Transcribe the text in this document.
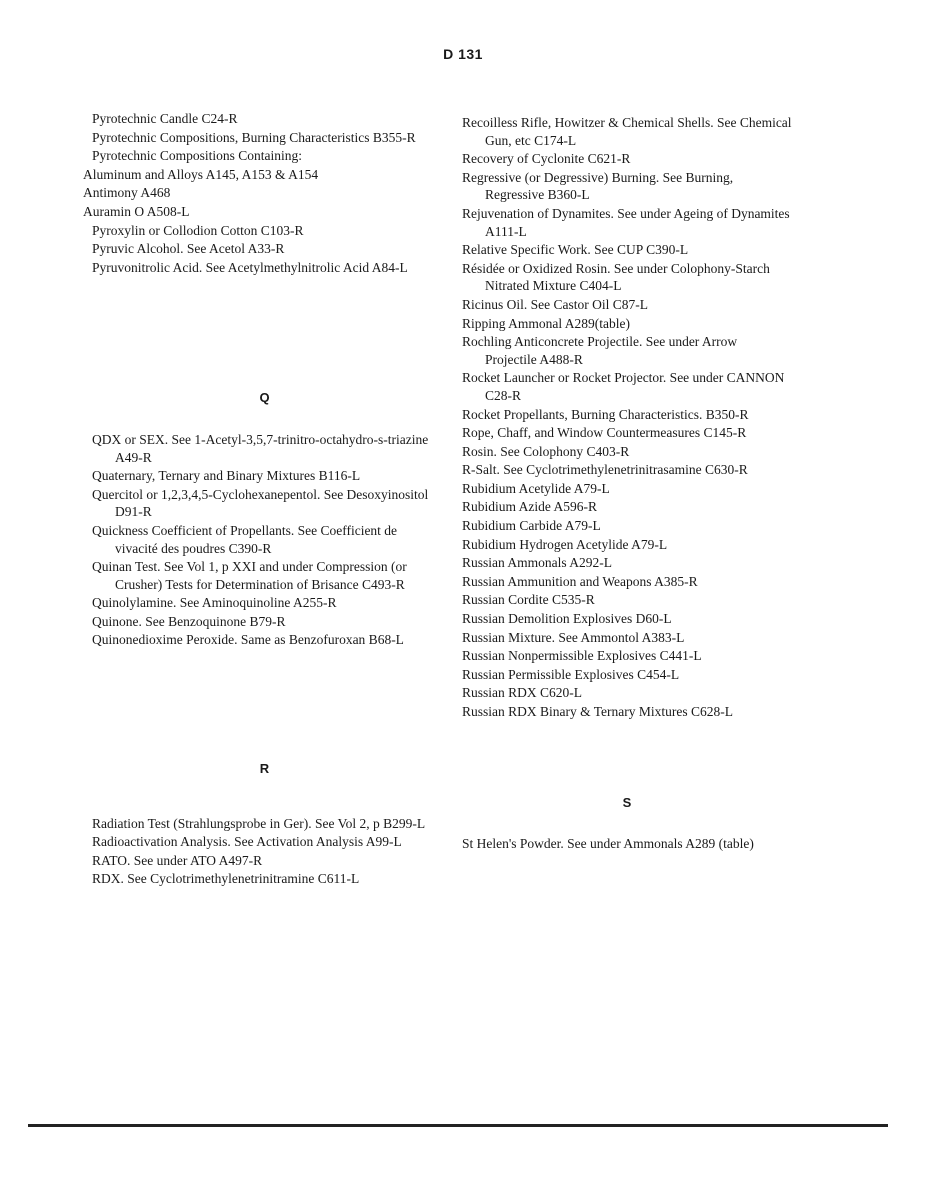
D 131

Pyrotechnic Candle C24-R

Pyrotechnic Compositions, Burning Characteristics B355-R

Pyrotechnic Compositions Containing:

Aluminum and Alloys A145, A153 & A154

Antimony A468

Auramin O A508-L

Pyroxylin or Collodion Cotton C103-R

Pyruvic Alcohol. See Acetol A33-R

Pyruvonitrolic Acid. See Acetylmethylnitrolic Acid A84-L

Q

QDX or SEX. See 1-Acetyl-3,5,7-trinitro-octahydro-s-triazine A49-R

Quaternary, Ternary and Binary Mixtures B116-L

Quercitol or 1,2,3,4,5-Cyclohexanepentol. See Desoxyinositol D91-R

Quickness Coefficient of Propellants. See Coefficient de vivacité des poudres C390-R

Quinan Test. See Vol 1, p XXI and under Compression (or Crusher) Tests for Determination of Brisance C493-R

Quinolylamine. See Aminoquinoline A255-R

Quinone. See Benzoquinone B79-R

Quinonedioxime Peroxide. Same as Benzofuroxan B68-L

R

Radiation Test (Strahlungsprobe in Ger). See Vol 2, p B299-L

Radioactivation Analysis. See Activation Analysis A99-L

RATO. See under ATO A497-R

RDX. See Cyclotrimethylenetrinitramine C611-L

Recoilless Rifle, Howitzer & Chemical Shells. See Chemical Gun, etc C174-L

Recovery of Cyclonite C621-R

Regressive (or Degressive) Burning. See Burning, Regressive B360-L

Rejuvenation of Dynamites. See under Ageing of Dynamites A111-L

Relative Specific Work. See CUP C390-L

Résidée or Oxidized Rosin. See under Colophony-Starch Nitrated Mixture C404-L

Ricinus Oil. See Castor Oil C87-L

Ripping Ammonal A289(table)

Rochling Anticoncrete Projectile. See under Arrow Projectile A488-R

Rocket Launcher or Rocket Projector. See under CANNON C28-R

Rocket Propellants, Burning Characteristics. B350-R

Rope, Chaff, and Window Countermeasures C145-R

Rosin. See Colophony C403-R

R-Salt. See Cyclotrimethylenetrinitrasamine C630-R

Rubidium Acetylide A79-L

Rubidium Azide A596-R

Rubidium Carbide A79-L

Rubidium Hydrogen Acetylide A79-L

Russian Ammonals A292-L

Russian Ammunition and Weapons A385-R

Russian Cordite C535-R

Russian Demolition Explosives D60-L

Russian Mixture. See Ammontol A383-L

Russian Nonpermissible Explosives C441-L

Russian Permissible Explosives C454-L

Russian RDX C620-L

Russian RDX Binary & Ternary Mixtures C628-L

S

St Helen's Powder. See under Ammonals A289 (table)
